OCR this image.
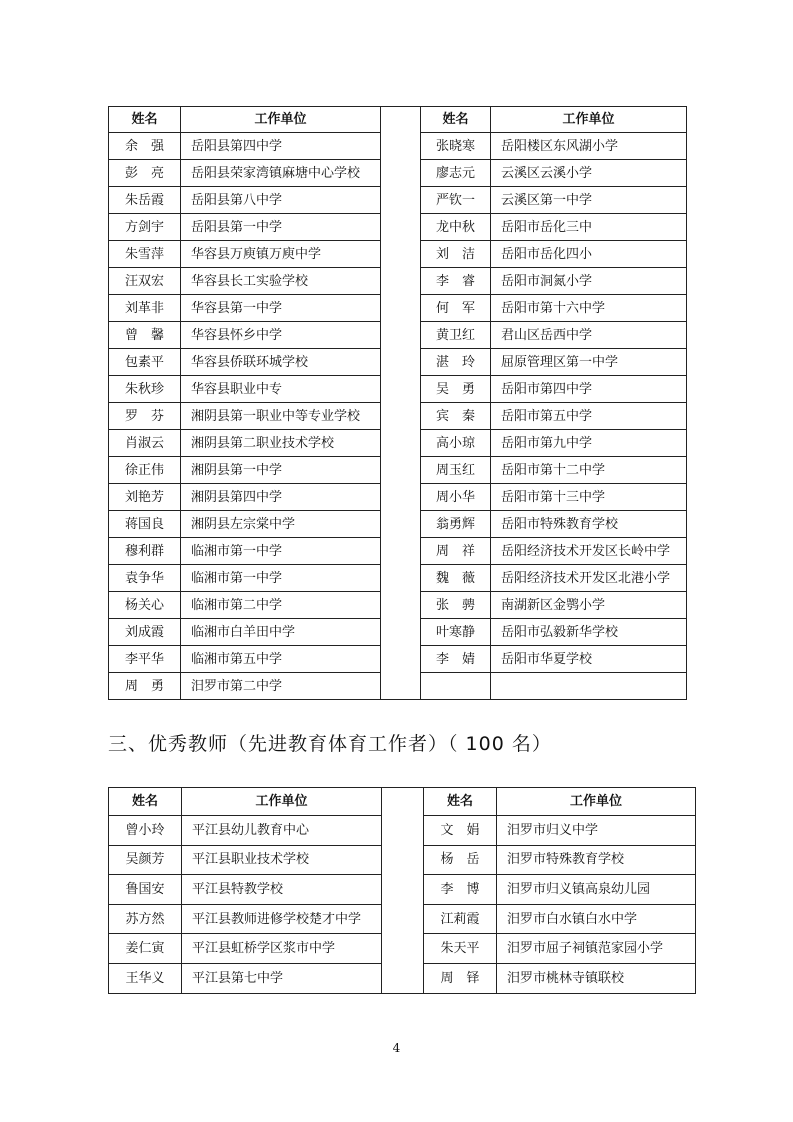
姓名	工作单位		姓名	工作单位
余　强	岳阳县第四中学		张晓寒	岳阳楼区东风湖小学
彭　亮	岳阳县荣家湾镇麻塘中心学校		廖志元	云溪区云溪小学
朱岳霞	岳阳县第八中学		严钦一	云溪区第一中学
方剑宇	岳阳县第一中学		龙中秋	岳阳市岳化三中
朱雪萍	华容县万庾镇万庾中学		刘　洁	岳阳市岳化四小
汪双宏	华容县长工实验学校		李　睿	岳阳市洞氮小学
刘革非	华容县第一中学		何　军	岳阳市第十六中学
曾　馨	华容县怀乡中学		黄卫红	君山区岳西中学
包素平	华容县侨联环城学校		湛　玲	屈原管理区第一中学
朱秋珍	华容县职业中专		吴　勇	岳阳市第四中学
罗　芬	湘阴县第一职业中等专业学校		宾　秦	岳阳市第五中学
肖淑云	湘阴县第二职业技术学校		高小琼	岳阳市第九中学
徐正伟	湘阴县第一中学		周玉红	岳阳市第十二中学
刘艳芳	湘阴县第四中学		周小华	岳阳市第十三中学
蒋国良	湘阴县左宗棠中学		翁勇辉	岳阳市特殊教育学校
穆利群	临湘市第一中学		周　祥	岳阳经济技术开发区长岭中学
袁争华	临湘市第一中学		魏　薇	岳阳经济技术开发区北港小学
杨关心	临湘市第二中学		张　骋	南湖新区金鹗小学
刘成霞	临湘市白羊田中学		叶寒静	岳阳市弘毅新华学校
李平华	临湘市第五中学		李　婧	岳阳市华夏学校
周　勇	汨罗市第二中学			
三、优秀教师（先进教育体育工作者）（ 100 名）
姓名	工作单位		姓名	工作单位
曾小玲	平江县幼儿教育中心		文　娟	汨罗市归义中学
吴颜芳	平江县职业技术学校		杨　岳	汨罗市特殊教育学校
鲁国安	平江县特教学校		李　博	汨罗市归义镇高泉幼儿园
苏方然	平江县教师进修学校楚才中学		江莉霞	汨罗市白水镇白水中学
姜仁寅	平江县虹桥学区浆市中学		朱天平	汨罗市屈子祠镇范家园小学
王华义	平江县第七中学		周　铎	汨罗市桃林寺镇联校
4
